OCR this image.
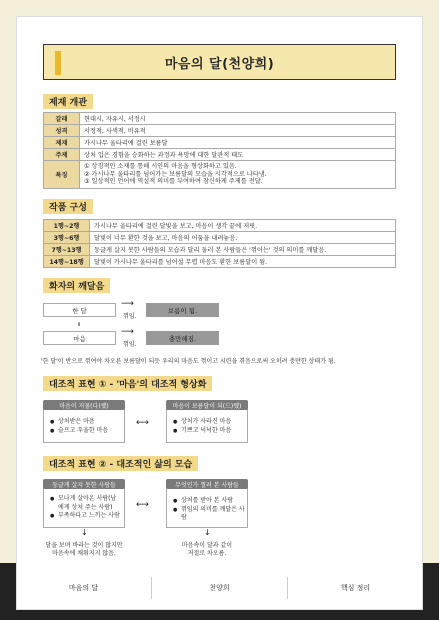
마음의 달(천양희)
제재 개관
갈래	현대시, 자유시, 서정시
성격	서정적, 사색적, 비유적
제재	가시나무 울타리에 걸린 보름달
주제	상처 입은 경험을 승화하는 과정과 욕망에 대한 달관적 태도
특징	① 상징적인 소재를 통해 시인의 마음을 형상화하고 있음.
② 가시나무 울타리를 넘어가는 보름달의 모습을 시각적으로 나타냄.
③ 일상적인 언어에 역설적 의미를 부여하여 참신하게 주제를 전달.
작품 구성
1행~2행	가시나무 울타리에 걸린 달빛을 보고, 마음이 생각 끝에 저릿.
3행~6행	달빛이 너무 환한 것을 보고, 마음의 어둠을 내려놓음.
7행~13행	둥글게 살지 못한 사람들의 모습과 달리 둘러 본 사람들은 '꺾이는' 것의 의미를 깨달음.
14행~18행	달빛이 가시나무 울타리를 넘어설 무렵 마음도 환한 보름달이 됨.
화자의 깨달음
한 달
⟶
꺾임.
보름이 됨.
॥
마음
⟶
꺾임.
충만해짐.
'한 달'이 반으로 꺾여야 차오른 보름달이 되듯 우리의 마음도 꺾이고 시련을 겪음으로써 오히려 충만한 상태가 됨.
대조적 표현 ① - '마음'의 대조적 형상화
● 상처받은 마음
● 슬프고 우울한 마음
마음이 저물(다)쨌)
⟷	● 상처가 사라진 마음
● 기쁘고 넉넉한 마음
마음이 보름달이 되(드)쨌)
대조적 표현 ② - 대조적인 삶의 모습
● 모나게 살아온 사람(남에게 상처 주는 사람)
● 부족하다고 느끼는 사람
둥글게 살지 못한 사람들
↓
달을 보며 바라는 것이 많지만
마음속에 채워지지 않음.
⟷	● 상처를 받아 본 사람
● 꺾임의 의미를 깨달은 사람
무엇인가 찔려 본 사람들
↓
마음속이 달과 같이
저절로 차오름.
마음의 달	천양희	핵심 정리
